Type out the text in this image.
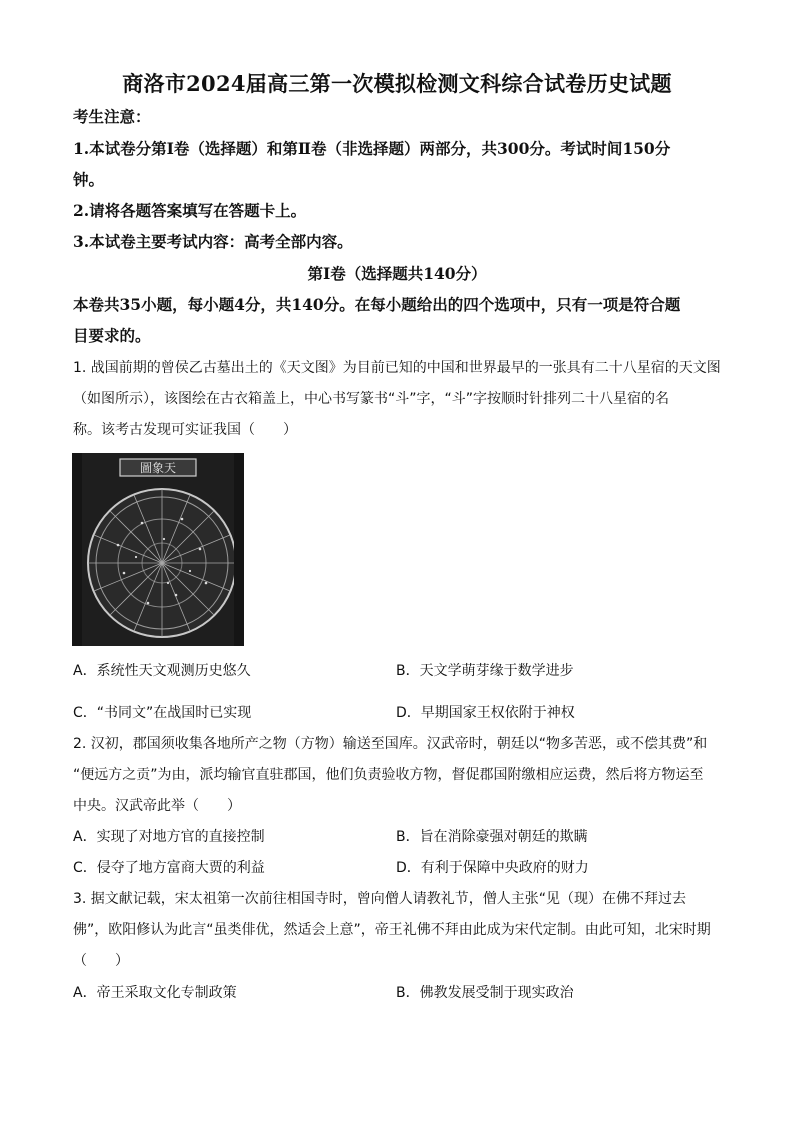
商洛市2024届高三第一次模拟检测文科综合试卷历史试题
考生注意：
1.本试卷分第Ⅰ卷（选择题）和第Ⅱ卷（非选择题）两部分，共300分。考试时间150分
钟。
2.请将各题答案填写在答题卡上。
3.本试卷主要考试内容：高考全部内容。
第Ⅰ卷（选择题共140分）
本卷共35小题，每小题4分，共140分。在每小题给出的四个选项中，只有一项是符合题
目要求的。
1. 战国前期的曾侯乙古墓出土的《天文图》为目前已知的中国和世界最早的一张具有二十八星宿的天文图
（如图所示），该图绘在古衣箱盖上，中心书写篆书“斗”字，“斗”字按顺时针排列二十八星宿的名
称。该考古发现可实证我国（　　）
圖象天
A．系统性天文观测历史悠久	B．天文学萌芽缘于数学进步
C．“书同文”在战国时已实现	D．早期国家王权依附于神权
2. 汉初，郡国须收集各地所产之物（方物）输送至国库。汉武帝时，朝廷以“物多苦恶，或不偿其费”和
“便远方之贡”为由，派均输官直驻郡国，他们负责验收方物，督促郡国附缴相应运费，然后将方物运至
中央。汉武帝此举（　　）
A．实现了对地方官的直接控制	B．旨在消除豪强对朝廷的欺瞒
C．侵夺了地方富商大贾的利益	D．有利于保障中央政府的财力
3. 据文献记载，宋太祖第一次前往相国寺时，曾向僧人请教礼节，僧人主张“见（现）在佛不拜过去
佛”，欧阳修认为此言“虽类俳优，然适会上意”，帝王礼佛不拜由此成为宋代定制。由此可知，北宋时期
（　　）
A．帝王采取文化专制政策	B．佛教发展受制于现实政治
